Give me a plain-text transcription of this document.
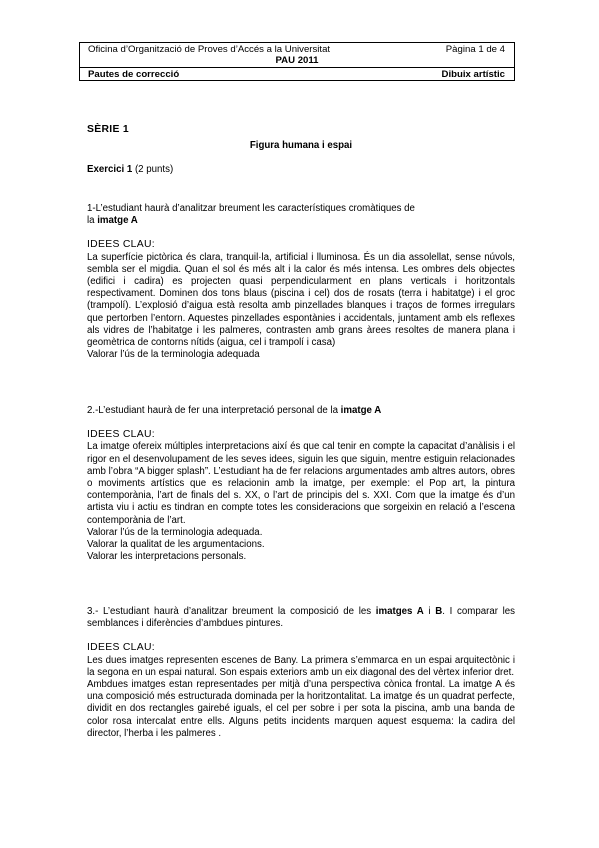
Oficina d’Organització de Proves d’Accés a la Universitat	Pàgina 1 de 4
PAU 2011
Pautes de correcció	Dibuix artístic
SÈRIE 1
Figura humana i espai
Exercici 1 (2 punts)

1-L’estudiant haurà d’analitzar breument les característiques cromàtiques de
la imatge A

IDEES CLAU:

La superfície pictòrica és clara, tranquil·la, artificial i lluminosa. És un dia assolellat, sense núvols, sembla ser el migdia. Quan el sol és més alt i la calor és més intensa. Les ombres dels objectes (edifici i cadira) es projecten quasi perpendicularment en plans verticals i horitzontals respectivament. Dominen dos tons blaus (piscina i cel) dos de rosats (terra i habitatge) i el groc (trampolí). L’explosió d’aigua està resolta amb pinzellades blanques i traços de formes irregulars que pertorben l’entorn. Aquestes pinzellades espontànies i accidentals, juntament amb els reflexes als vidres de l’habitatge i les palmeres, contrasten amb grans àrees resoltes de manera plana i geomètrica de contorns nítids (aigua, cel i trampolí i casa)

Valorar l’ús de la terminologia adequada

2.-L’estudiant haurà de fer una interpretació personal de la imatge A

IDEES CLAU:

La imatge ofereix múltiples interpretacions així és que cal tenir en compte la capacitat d’anàlisis i el rigor en el desenvolupament de les seves idees, siguin les que siguin, mentre estiguin relacionades amb l’obra “A bigger splash”. L’estudiant ha de fer relacions argumentades amb altres autors, obres o moviments artístics que es relacionin amb la imatge, per exemple: el Pop art, la pintura contemporània, l’art de finals del s. XX, o l’art de principis del s. XXI. Com que la imatge és d’un artista viu i actiu es tindran en compte totes les consideracions que sorgeixin en relació a l’escena contemporània de l’art.

Valorar l’ús de la terminologia adequada.

Valorar la qualitat de les argumentacions.

Valorar les interpretacions personals.

3.- L’estudiant haurà d’analitzar breument la composició de les imatges A i B. I comparar les semblances i diferències d’ambdues pintures.

IDEES CLAU:

Les dues imatges representen escenes de Bany. La primera s’emmarca en un espai arquitectònic i la segona en un espai natural. Son espais exteriors amb un eix diagonal des del vèrtex inferior dret.

Ambdues imatges estan representades per mitjà d’una perspectiva cònica frontal. La imatge A és una composició més estructurada dominada per la horitzontalitat. La imatge és un quadrat perfecte, dividit en dos rectangles gairebé iguals, el cel per sobre i per sota la piscina, amb una banda de color rosa intercalat entre ells. Alguns petits incidents marquen aquest esquema: la cadira del director, l’herba i les palmeres .
